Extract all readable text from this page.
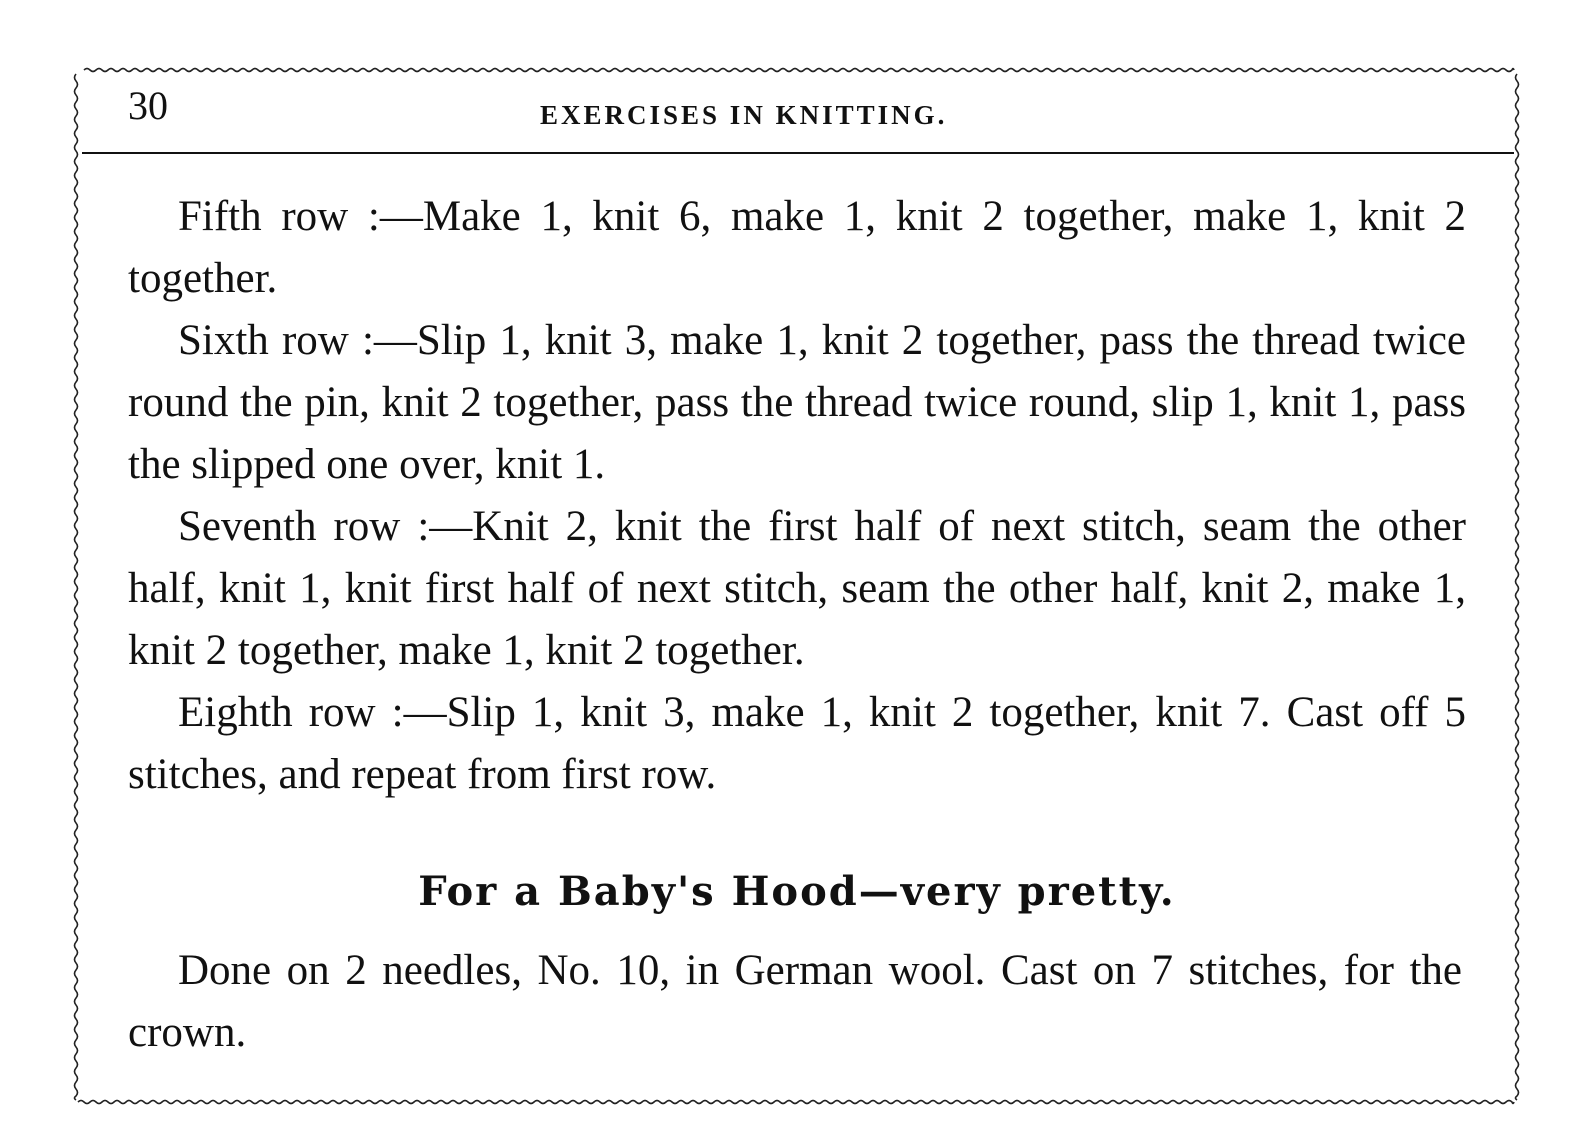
30	EXERCISES IN KNITTING.

Fifth row :—Make 1, knit 6, make 1, knit 2 together, make 1, knit 2 together.

Sixth row :—Slip 1, knit 3, make 1, knit 2 together, pass the thread twice round the pin, knit 2 together, pass the thread twice round, slip 1, knit 1, pass the slipped one over, knit 1.

Seventh row :—Knit 2, knit the first half of next stitch, seam the other half, knit 1, knit first half of next stitch, seam the other half, knit 2, make 1, knit 2 together, make 1, knit 2 together.

Eighth row :—Slip 1, knit 3, make 1, knit 2 together, knit 7. Cast off 5 stitches, and repeat from first row.

For a Baby's Hood—very pretty.

Done on 2 needles, No. 10, in German wool. Cast on 7 stitches, for the crown.
